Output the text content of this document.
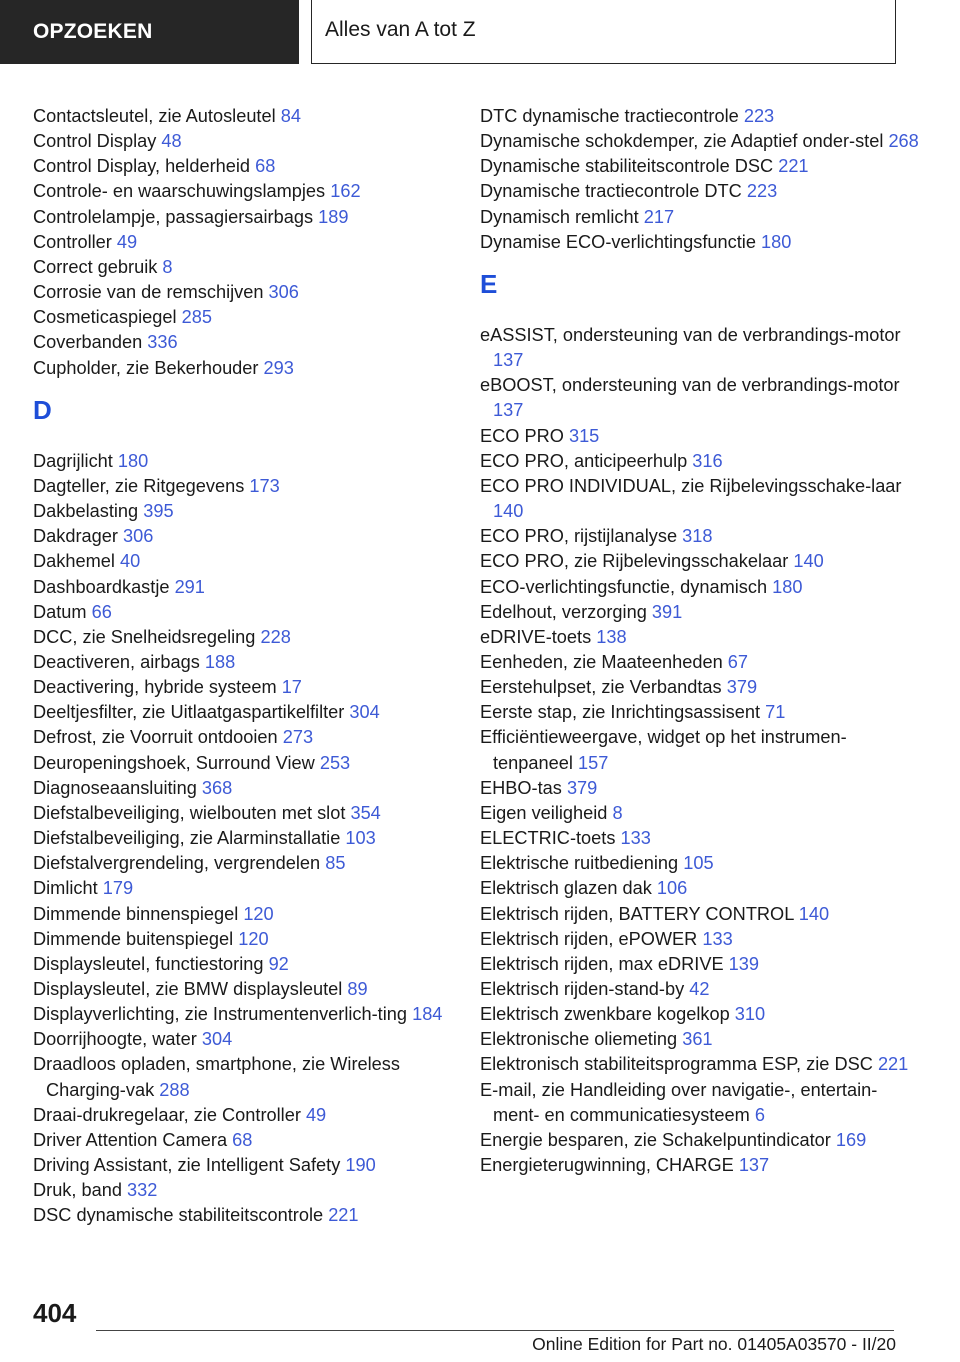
OPZOEKEN	Alles van A tot Z
Contactsleutel, zie Autosleutel 84
Control Display 48
Control Display, helderheid 68
Controle- en waarschuwingslampjes 162
Controlelampje, passagiersairbags 189
Controller 49
Correct gebruik 8
Corrosie van de remschijven 306
Cosmeticaspiegel 285
Coverbanden 336
Cupholder, zie Bekerhouder 293
D
Dagrijlicht 180
Dagteller, zie Ritgegevens 173
Dakbelasting 395
Dakdrager 306
Dakhemel 40
Dashboardkastje 291
Datum 66
DCC, zie Snelheidsregeling 228
Deactiveren, airbags 188
Deactivering, hybride systeem 17
Deeltjesfilter, zie Uitlaatgaspartikelfilter 304
Defrost, zie Voorruit ontdooien 273
Deuropeningshoek, Surround View 253
Diagnoseaansluiting 368
Diefstalbeveiliging, wielbouten met slot 354
Diefstalbeveiliging, zie Alarminstallatie 103
Diefstalvergrendeling, vergrendelen 85
Dimlicht 179
Dimmende binnenspiegel 120
Dimmende buitenspiegel 120
Displaysleutel, functiestoring 92
Displaysleutel, zie BMW displaysleutel 89
Displayverlichting, zie Instrumentenverlich‐ting 184
Doorrijhoogte, water 304
Draadloos opladen, smartphone, zie Wireless Charging-vak 288
Draai-drukregelaar, zie Controller 49
Driver Attention Camera 68
Driving Assistant, zie Intelligent Safety 190
Druk, band 332
DSC dynamische stabiliteitscontrole 221
DTC dynamische tractiecontrole 223
Dynamische schokdemper, zie Adaptief onder‐stel 268
Dynamische stabiliteitscontrole DSC 221
Dynamische tractiecontrole DTC 223
Dynamisch remlicht 217
Dynamise ECO-verlichtingsfunctie 180
E
eASSIST, ondersteuning van de verbrandings‐motor 137
eBOOST, ondersteuning van de verbrandings‐motor 137
ECO PRO 315
ECO PRO, anticipeerhulp 316
ECO PRO INDIVIDUAL, zie Rijbelevingsschake‐laar 140
ECO PRO, rijstijlanalyse 318
ECO PRO, zie Rijbelevingsschakelaar 140
ECO-verlichtingsfunctie, dynamisch 180
Edelhout, verzorging 391
eDRIVE-toets 138
Eenheden, zie Maateenheden 67
Eerstehulpset, zie Verbandtas 379
Eerste stap, zie Inrichtingsassisent 71
Efficiëntieweergave, widget op het instrumen‐tenpaneel 157
EHBO-tas 379
Eigen veiligheid 8
ELECTRIC-toets 133
Elektrische ruitbediening 105
Elektrisch glazen dak 106
Elektrisch rijden, BATTERY CONTROL 140
Elektrisch rijden, ePOWER 133
Elektrisch rijden, max eDRIVE 139
Elektrisch rijden-stand-by 42
Elektrisch zwenkbare kogelkop 310
Elektronische oliemeting 361
Elektronisch stabiliteitsprogramma ESP, zie DSC 221
E-mail, zie Handleiding over navigatie-, entertain‐ment- en communicatiesysteem 6
Energie besparen, zie Schakelpuntindicator 169
Energieterugwinning, CHARGE 137
404
Online Edition for Part no. 01405A03570 - II/20
